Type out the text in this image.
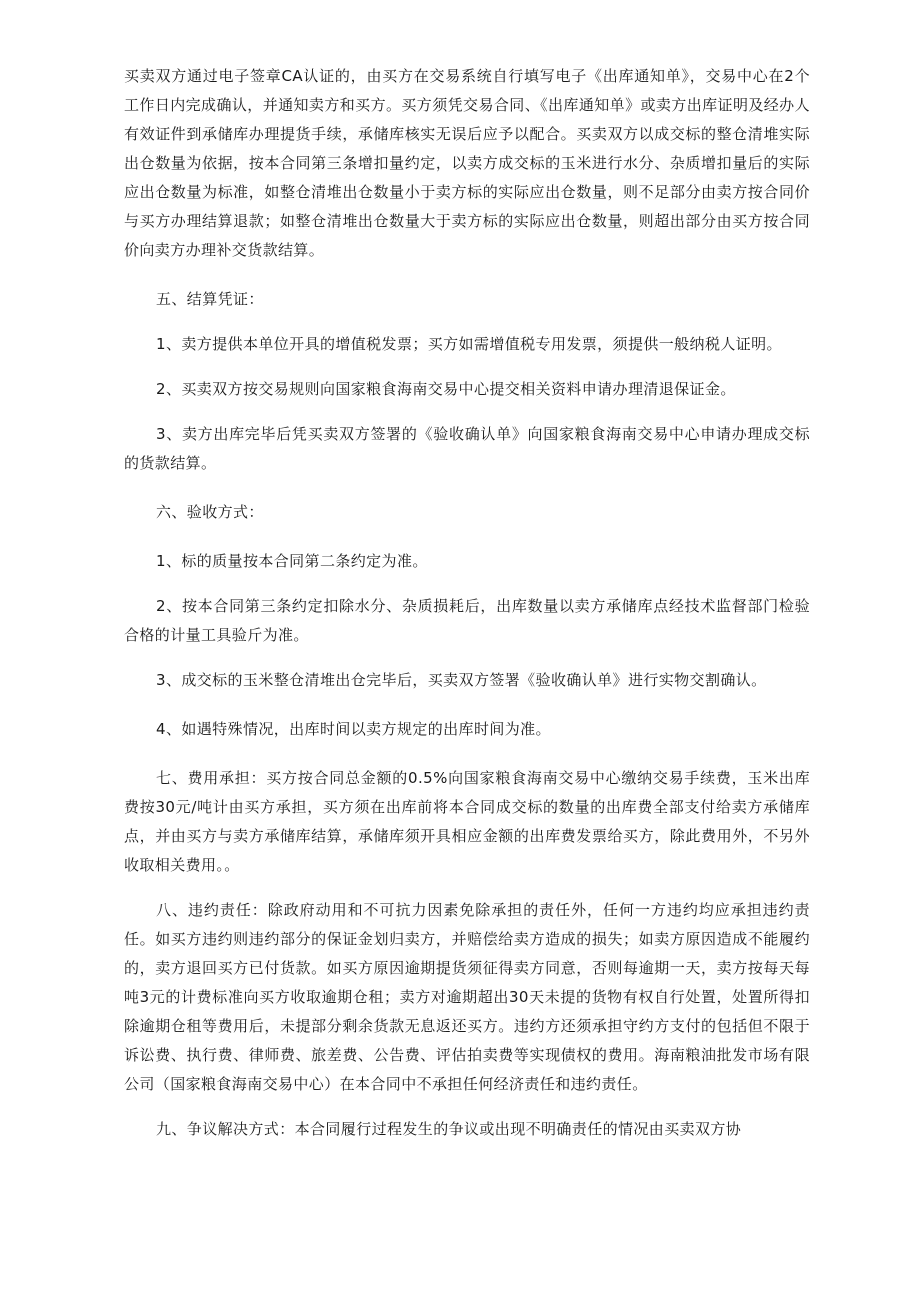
买卖双方通过电子签章CA认证的，由买方在交易系统自行填写电子《出库通知单》，交易中心在2个工作日内完成确认，并通知卖方和买方。买方须凭交易合同、《出库通知单》或卖方出库证明及经办人有效证件到承储库办理提货手续，承储库核实无误后应予以配合。买卖双方以成交标的整仓清堆实际出仓数量为依据，按本合同第三条增扣量约定，以卖方成交标的玉米进行水分、杂质增扣量后的实际应出仓数量为标准，如整仓清堆出仓数量小于卖方标的实际应出仓数量，则不足部分由卖方按合同价与买方办理结算退款；如整仓清堆出仓数量大于卖方标的实际应出仓数量，则超出部分由买方按合同价向卖方办理补交货款结算。

五、结算凭证：

1、卖方提供本单位开具的增值税发票；买方如需增值税专用发票，须提供一般纳税人证明。

2、买卖双方按交易规则向国家粮食海南交易中心提交相关资料申请办理清退保证金。

3、卖方出库完毕后凭买卖双方签署的《验收确认单》向国家粮食海南交易中心申请办理成交标的货款结算。

六、验收方式：

1、标的质量按本合同第二条约定为准。

2、按本合同第三条约定扣除水分、杂质损耗后，出库数量以卖方承储库点经技术监督部门检验合格的计量工具验斤为准。

3、成交标的玉米整仓清堆出仓完毕后，买卖双方签署《验收确认单》进行实物交割确认。

4、如遇特殊情况，出库时间以卖方规定的出库时间为准。

七、费用承担：买方按合同总金额的0.5%向国家粮食海南交易中心缴纳交易手续费，玉米出库费按30元/吨计由买方承担，买方须在出库前将本合同成交标的数量的出库费全部支付给卖方承储库点，并由买方与卖方承储库结算，承储库须开具相应金额的出库费发票给买方，除此费用外，不另外收取相关费用。。

八、违约责任：除政府动用和不可抗力因素免除承担的责任外，任何一方违约均应承担违约责任。如买方违约则违约部分的保证金划归卖方，并赔偿给卖方造成的损失；如卖方原因造成不能履约的，卖方退回买方已付货款。如买方原因逾期提货须征得卖方同意，否则每逾期一天，卖方按每天每吨3元的计费标准向买方收取逾期仓租；卖方对逾期超出30天未提的货物有权自行处置，处置所得扣除逾期仓租等费用后，未提部分剩余货款无息返还买方。违约方还须承担守约方支付的包括但不限于诉讼费、执行费、律师费、旅差费、公告费、评估拍卖费等实现债权的费用。海南粮油批发市场有限公司（国家粮食海南交易中心）在本合同中不承担任何经济责任和违约责任。

九、争议解决方式：本合同履行过程发生的争议或出现不明确责任的情况由买卖双方协
